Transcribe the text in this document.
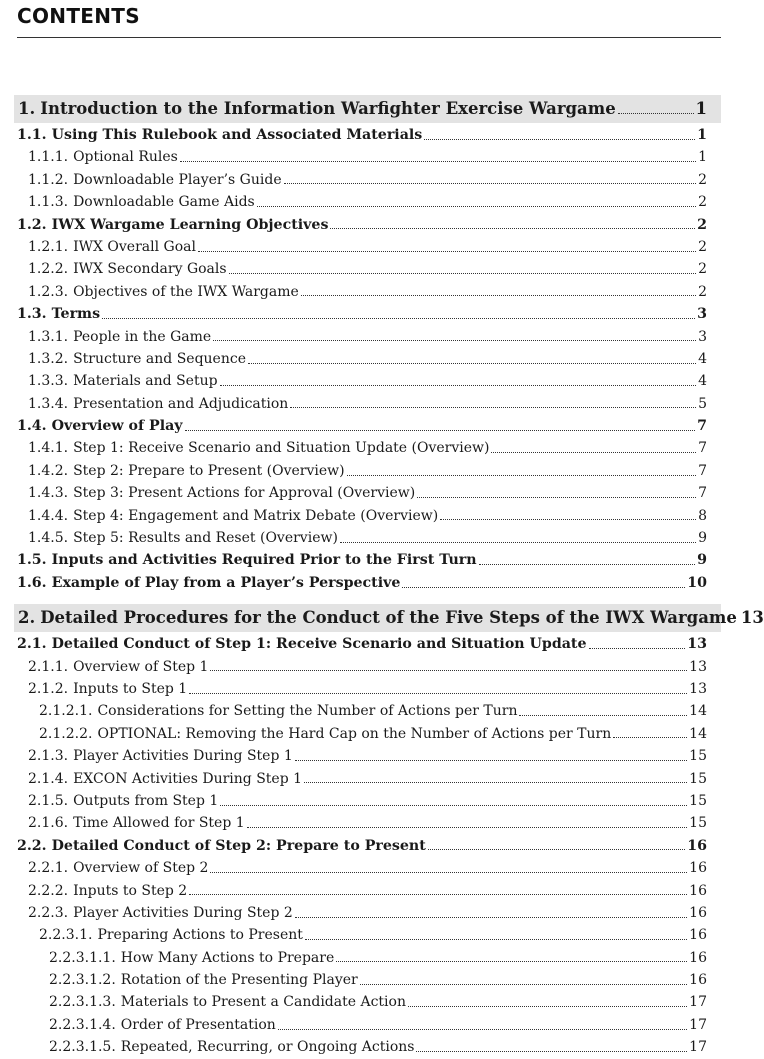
CONTENTS
1. Introduction to the Information Warfighter Exercise Wargame	1
1.1. Using This Rulebook and Associated Materials	1
1.1.1. Optional Rules	1
1.1.2. Downloadable Player’s Guide	2
1.1.3. Downloadable Game Aids	2
1.2. IWX Wargame Learning Objectives	2
1.2.1. IWX Overall Goal	2
1.2.2. IWX Secondary Goals	2
1.2.3. Objectives of the IWX Wargame	2
1.3. Terms	3
1.3.1. People in the Game	3
1.3.2. Structure and Sequence	4
1.3.3. Materials and Setup	4
1.3.4. Presentation and Adjudication	5
1.4. Overview of Play	7
1.4.1. Step 1: Receive Scenario and Situation Update (Overview)	7
1.4.2. Step 2: Prepare to Present (Overview)	7
1.4.3. Step 3: Present Actions for Approval (Overview)	7
1.4.4. Step 4: Engagement and Matrix Debate (Overview)	8
1.4.5. Step 5: Results and Reset (Overview)	9
1.5. Inputs and Activities Required Prior to the First Turn	9
1.6. Example of Play from a Player’s Perspective	10
2. Detailed Procedures for the Conduct of the Five Steps of the IWX Wargame 13
2.1. Detailed Conduct of Step 1: Receive Scenario and Situation Update	13
2.1.1. Overview of Step 1	13
2.1.2. Inputs to Step 1	13
2.1.2.1. Considerations for Setting the Number of Actions per Turn	14
2.1.2.2. OPTIONAL: Removing the Hard Cap on the Number of Actions per Turn	14
2.1.3. Player Activities During Step 1	15
2.1.4. EXCON Activities During Step 1	15
2.1.5. Outputs from Step 1	15
2.1.6. Time Allowed for Step 1	15
2.2. Detailed Conduct of Step 2: Prepare to Present	16
2.2.1. Overview of Step 2	16
2.2.2. Inputs to Step 2	16
2.2.3. Player Activities During Step 2	16
2.2.3.1. Preparing Actions to Present	16
2.2.3.1.1. How Many Actions to Prepare	16
2.2.3.1.2. Rotation of the Presenting Player	16
2.2.3.1.3. Materials to Present a Candidate Action	17
2.2.3.1.4. Order of Presentation	17
2.2.3.1.5. Repeated, Recurring, or Ongoing Actions	17
